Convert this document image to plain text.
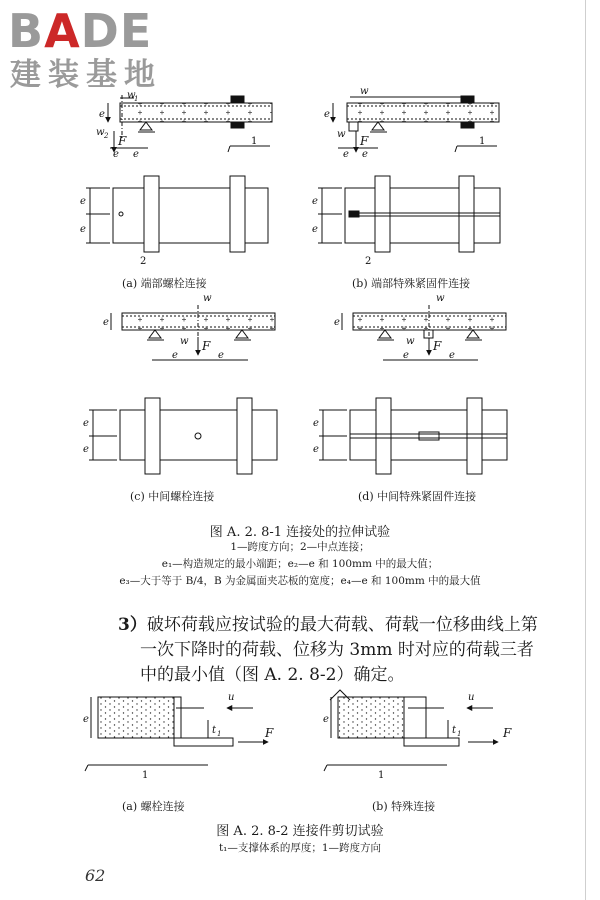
BADE
建装基地
w
1
e
w 2 F
e e
1
e
e
2
w
e
w F
e e
1
e
e
2
w
e
w F
e	e
e
e
w
e
w F
e	e
e
e
e
u
t 1	F
1
e
u
t 1	F
1
(a) 端部螺栓连接	(b) 端部特殊紧固件连接
(c) 中间螺栓连接	(d) 中间特殊紧固件连接
图 A. 2. 8-1 连接处的拉伸试验
1—跨度方向；2—中点连接；
e₁—构造规定的最小端距；e₂—e 和 100mm 中的最大值；
e₃—大于等于 B/4，B 为金属面夹芯板的宽度；e₄—e 和 100mm 中的最大值
3）破坏荷载应按试验的最大荷载、荷载一位移曲线上第
一次下降时的荷载、位移为 3mm 时对应的荷载三者
中的最小值（图 A. 2. 8-2）确定。
(a) 螺栓连接	(b) 特殊连接
图 A. 2. 8-2 连接件剪切试验
t₁—支撑体系的厚度；1—跨度方向
62
